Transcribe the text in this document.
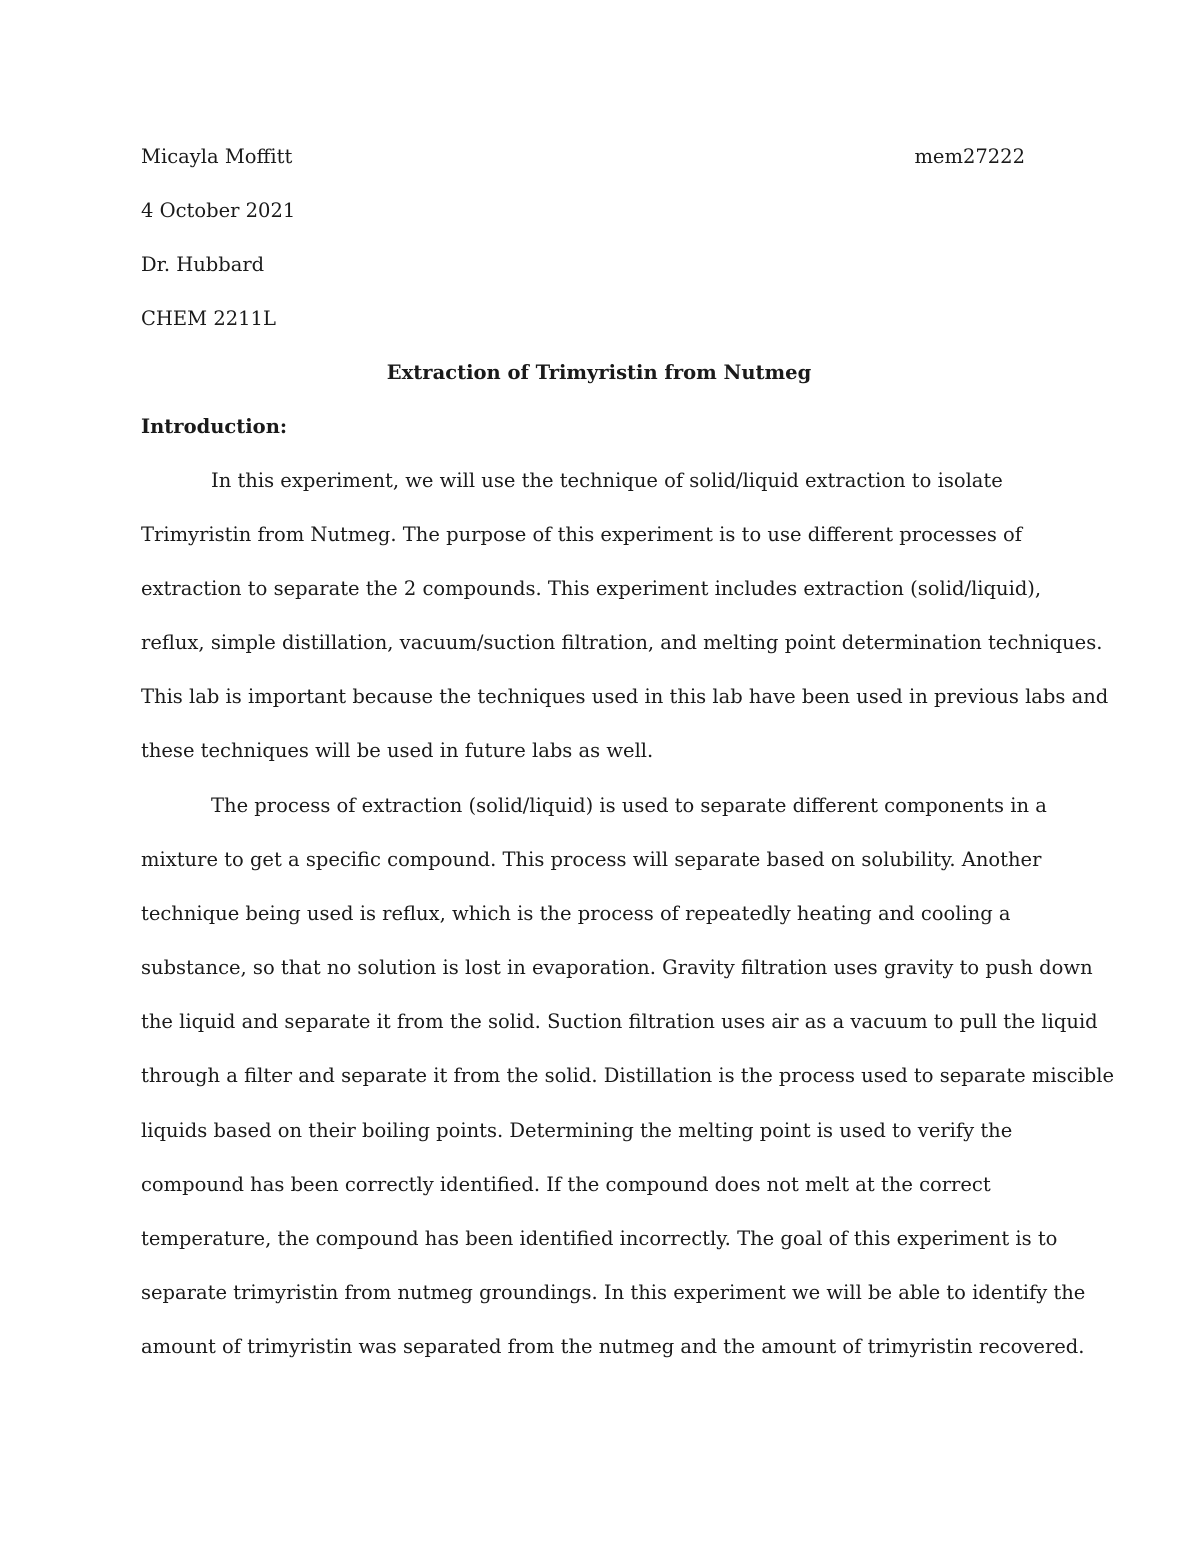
Micayla Moffitt	mem27222
4 October 2021
Dr. Hubbard
CHEM 2211L
Extraction of Trimyristin from Nutmeg
Introduction:
In this experiment, we will use the technique of solid/liquid extraction to isolate
Trimyristin from Nutmeg. The purpose of this experiment is to use different processes of
extraction to separate the 2 compounds. This experiment includes extraction (solid/liquid),
reflux, simple distillation, vacuum/suction filtration, and melting point determination techniques.
This lab is important because the techniques used in this lab have been used in previous labs and
these techniques will be used in future labs as well.
The process of extraction (solid/liquid) is used to separate different components in a
mixture to get a specific compound. This process will separate based on solubility. Another
technique being used is reflux, which is the process of repeatedly heating and cooling a
substance, so that no solution is lost in evaporation. Gravity filtration uses gravity to push down
the liquid and separate it from the solid. Suction filtration uses air as a vacuum to pull the liquid
through a filter and separate it from the solid. Distillation is the process used to separate miscible
liquids based on their boiling points. Determining the melting point is used to verify the
compound has been correctly identified. If the compound does not melt at the correct
temperature, the compound has been identified incorrectly. The goal of this experiment is to
separate trimyristin from nutmeg groundings. In this experiment we will be able to identify the
amount of trimyristin was separated from the nutmeg and the amount of trimyristin recovered.
